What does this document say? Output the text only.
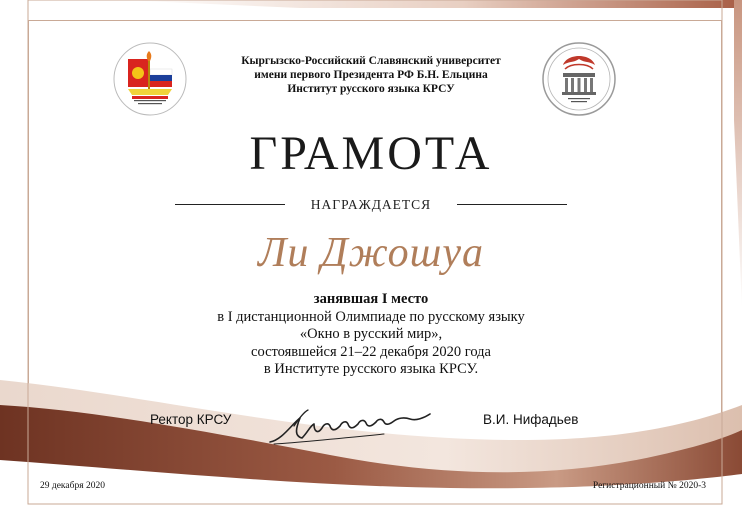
Кыргызско-Российский Славянский университет
имени первого Президента РФ Б.Н. Ельцина
Институт русского языка КРСУ
ГРАМОТА
НАГРАЖДАЕТСЯ
Ли Джошуа
занявшая I место
в I дистанционной Олимпиаде по русскому языку
«Окно в русский мир»,
состоявшейся 21–22 декабря 2020 года
в Институте русского языка КРСУ.
Ректор КРСУ	В.И. Нифадьев
29 декабря 2020	Регистрационный № 2020-3
